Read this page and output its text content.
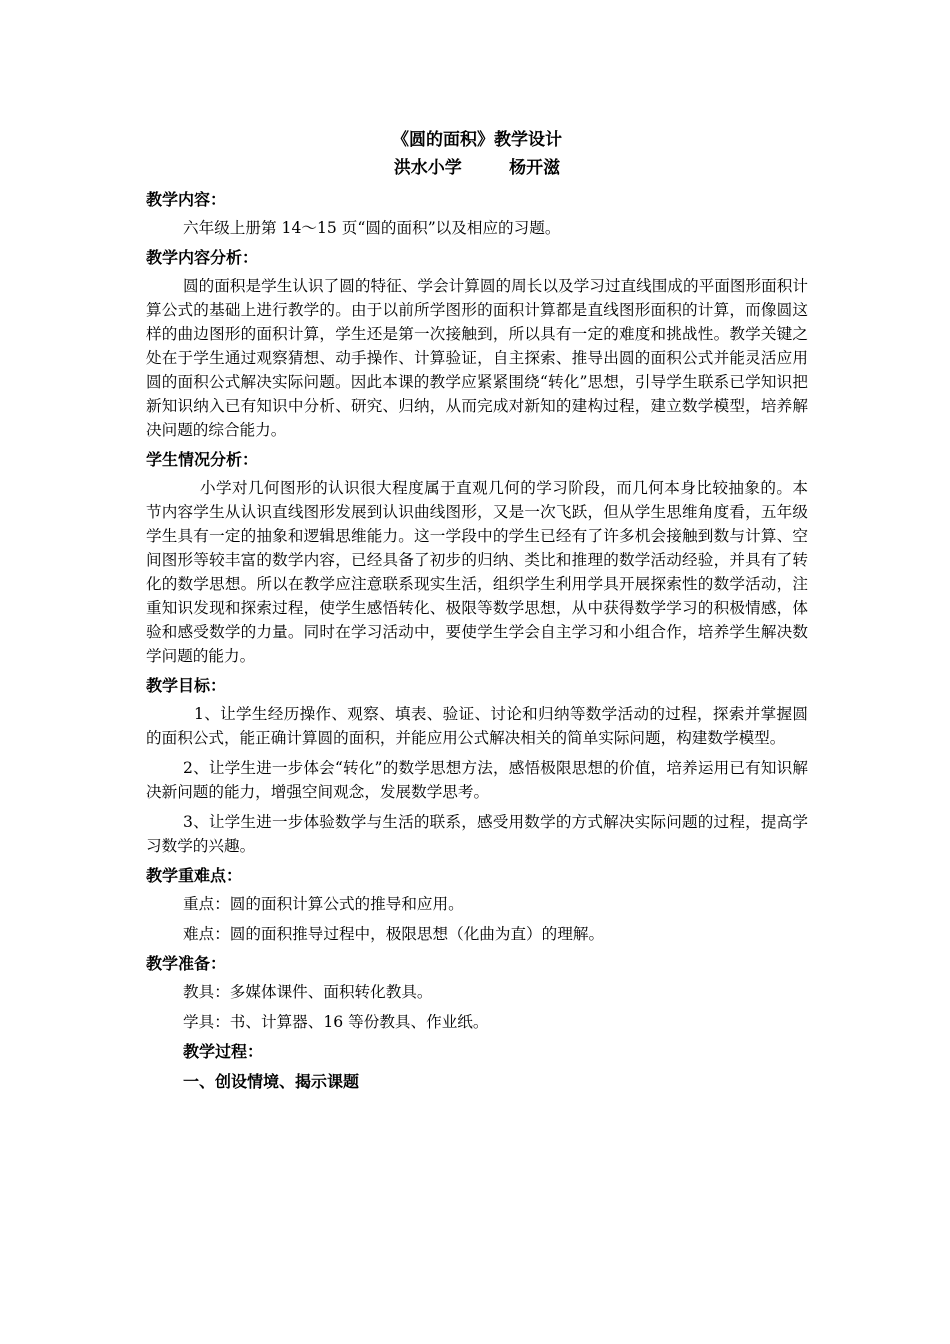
《圆的面积》教学设计

洪水小学        杨开滋

教学内容：

六年级上册第 14～15 页“圆的面积”以及相应的习题。

教学内容分析：

圆的面积是学生认识了圆的特征、学会计算圆的周长以及学习过直线围成的平面图形面积计算公式的基础上进行教学的。由于以前所学图形的面积计算都是直线图形面积的计算，而像圆这样的曲边图形的面积计算，学生还是第一次接触到，所以具有一定的难度和挑战性。教学关键之处在于学生通过观察猜想、动手操作、计算验证，自主探索、推导出圆的面积公式并能灵活应用圆的面积公式解决实际问题。因此本课的教学应紧紧围绕“转化”思想，引导学生联系已学知识把新知识纳入已有知识中分析、研究、归纳，从而完成对新知的建构过程，建立数学模型，培养解决问题的综合能力。

学生情况分析：

小学对几何图形的认识很大程度属于直观几何的学习阶段，而几何本身比较抽象的。本节内容学生从认识直线图形发展到认识曲线图形，又是一次飞跃，但从学生思维角度看，五年级学生具有一定的抽象和逻辑思维能力。这一学段中的学生已经有了许多机会接触到数与计算、空间图形等较丰富的数学内容，已经具备了初步的归纳、类比和推理的数学活动经验，并具有了转化的数学思想。所以在教学应注意联系现实生活，组织学生利用学具开展探索性的数学活动，注重知识发现和探索过程，使学生感悟转化、极限等数学思想，从中获得数学学习的积极情感，体验和感受数学的力量。同时在学习活动中，要使学生学会自主学习和小组合作，培养学生解决数学问题的能力。

教学目标：

1、让学生经历操作、观察、填表、验证、讨论和归纳等数学活动的过程，探索并掌握圆的面积公式，能正确计算圆的面积，并能应用公式解决相关的简单实际问题，构建数学模型。

2、让学生进一步体会“转化”的数学思想方法，感悟极限思想的价值，培养运用已有知识解决新问题的能力，增强空间观念，发展数学思考。

3、让学生进一步体验数学与生活的联系，感受用数学的方式解决实际问题的过程，提高学习数学的兴趣。

教学重难点：
重点：圆的面积计算公式的推导和应用。
难点：圆的面积推导过程中，极限思想（化曲为直）的理解。
教学准备：
教具：多媒体课件、面积转化教具。
学具：书、计算器、16 等份教具、作业纸。
教学过程：
一、创设情境、揭示课题
